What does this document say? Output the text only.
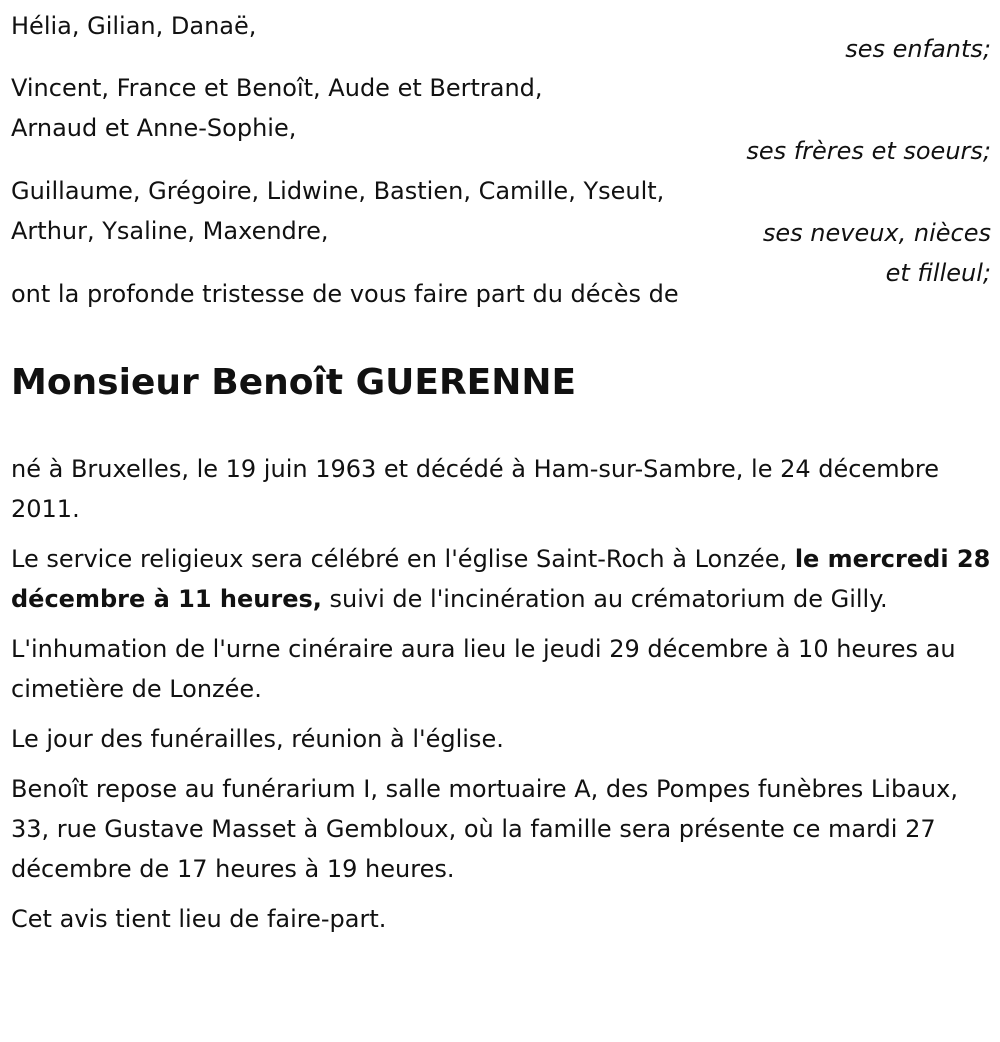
Hélia, Gilian, Danaë,
ses enfants;
Vincent, France et Benoît, Aude et Bertrand,
Arnaud et Anne-Sophie,
ses frères et soeurs;
Guillaume, Grégoire, Lidwine, Bastien, Camille, Yseult,
Arthur, Ysaline, Maxendre,	ses neveux, nièces
et filleul;
ont la profonde tristesse de vous faire part du décès de
Monsieur Benoît GUERENNE

né à Bruxelles, le 19 juin 1963 et décédé à Ham-sur-Sambre, le 24 décembre 2011.

Le service religieux sera célébré en l'église Saint-Roch à Lonzée, le mercredi 28 décembre à 11 heures, suivi de l'incinération au crématorium de Gilly.

L'inhumation de l'urne cinéraire aura lieu le jeudi 29 décembre à 10 heures au cimetière de Lonzée.

Le jour des funérailles, réunion à l'église.

Benoît repose au funérarium I, salle mortuaire A, des Pompes funèbres Libaux, 33, rue Gustave Masset à Gembloux, où la famille sera présente ce mardi 27 décembre de 17 heures à 19 heures.

Cet avis tient lieu de faire-part.
